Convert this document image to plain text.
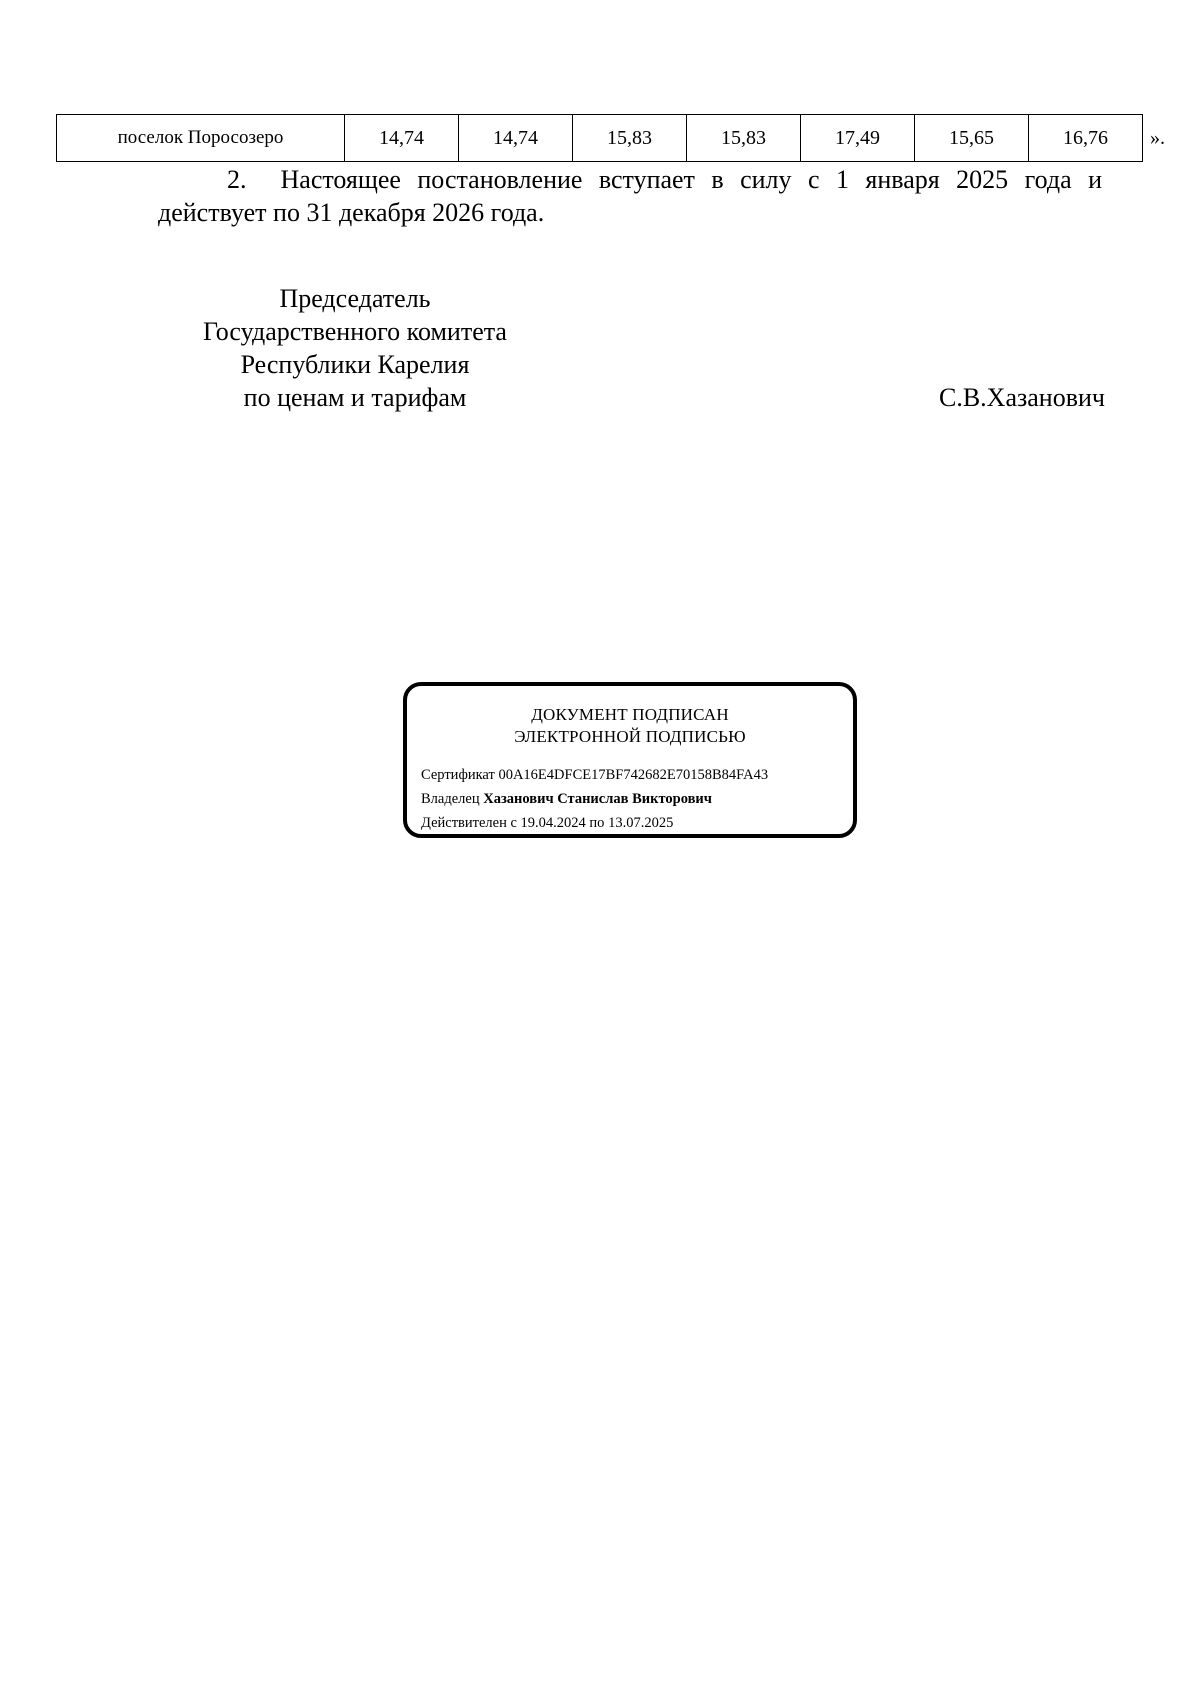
поселок Поросозеро	14,74	14,74	15,83	15,83	17,49	15,65	16,76 ».
2. Настоящее постановление вступает в силу с 1 января 2025 года и
действует по 31 декабря 2026 года.
Председатель
Государственного комитета
Республики Карелия
по ценам и тарифам	С.В.Хазанович
ДОКУМЕНТ ПОДПИСАН
ЭЛЕКТРОННОЙ ПОДПИСЬЮ
Сертификат 00A16E4DFCE17BF742682E70158B84FA43
Владелец Хазанович Станислав Викторович
Действителен с 19.04.2024 по 13.07.2025
